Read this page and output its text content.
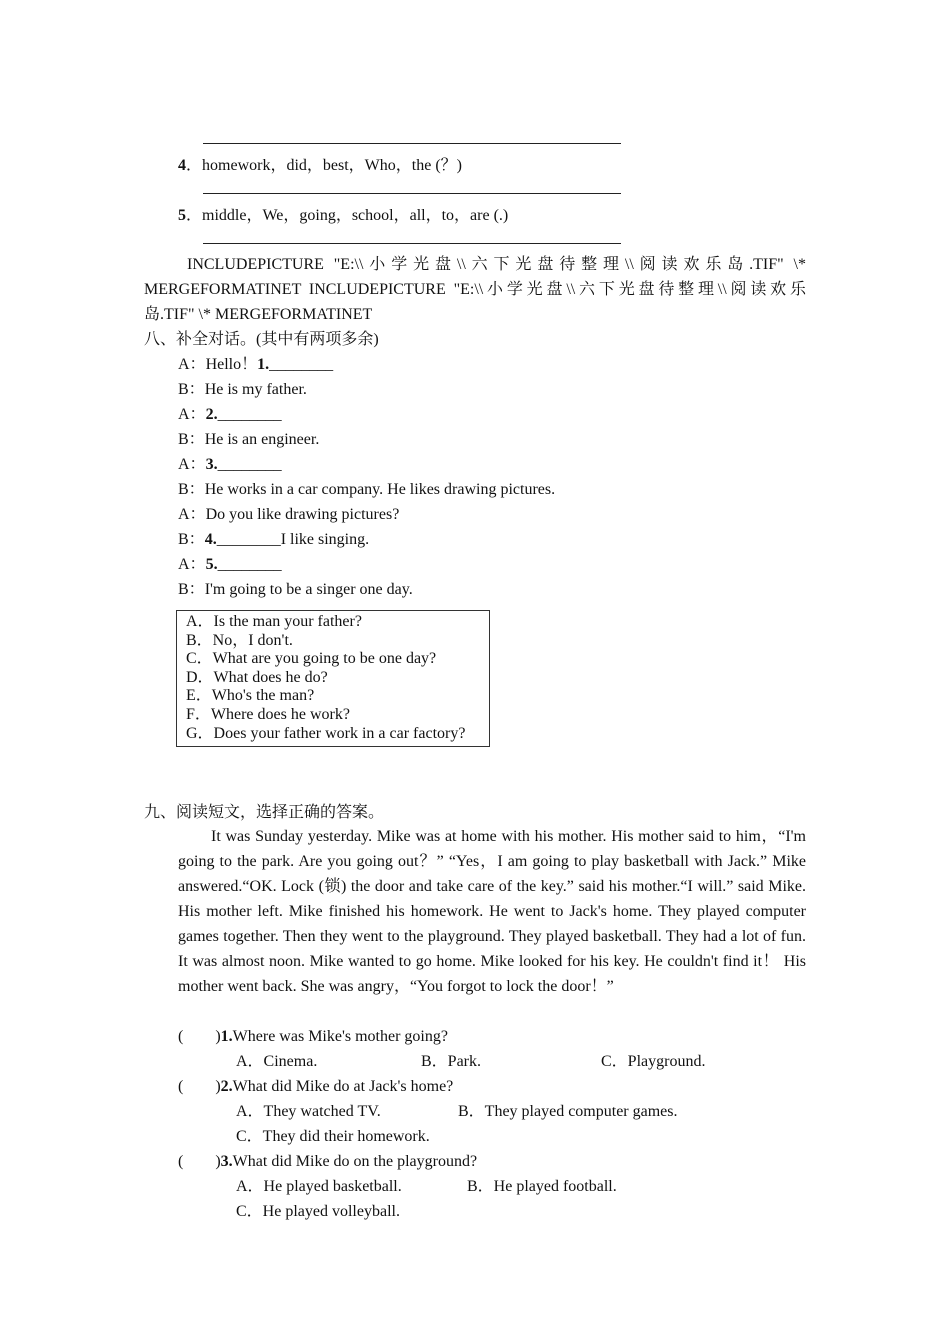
4．homework，did，best，Who，the (？)
5．middle，We，going，school，all，to，are (.)
INCLUDEPICTURE "E:\\小学光盘\\六下光盘待整理\\阅读欢乐岛.TIF" \*
MERGEFORMATINET INCLUDEPICTURE "E:\\小学光盘\\六下光盘待整理\\阅读欢乐
岛.TIF" \* MERGEFORMATINET
八、补全对话。(其中有两项多余)
A：Hello！1.________
B：He is my father.
A：2.________
B：He is an engineer.
A：3.________
B：He works in a car company. He likes drawing pictures.
A：Do you like drawing pictures?
B：4.________I like singing.
A：5.________
B：I'm going to be a singer one day.
A．Is the man your father?
B．No，I don't.
C．What are you going to be one day?
D．What does he do?
E．Who's the man?
F．Where does he work?
G．Does your father work in a car factory?
九、阅读短文，选择正确的答案。
It was Sunday yesterday. Mike was at home with his mother. His mother said to him，“I'm going to the park. Are you going out？” “Yes，I am going to play basketball with Jack.” Mike answered.“OK. Lock (锁) the door and take care of the key.” said his mother.“I will.” said Mike. His mother left. Mike finished his homework. He went to Jack's home. They played computer games together. Then they went to the playground. They played basketball. They had a lot of fun. It was almost noon. Mike wanted to go home. Mike looked for his key. He couldn't find it！ His mother went back. She was angry，“You forgot to lock the door！”
(　　)1.Where was Mike's mother going?
A．Cinema.	B．Park.	C．Playground.
(　　)2.What did Mike do at Jack's home?
A．They watched TV.	B．They played computer games.
C．They did their homework.
(　　)3.What did Mike do on the playground?
A．He played basketball.	B．He played football.
C．He played volleyball.
